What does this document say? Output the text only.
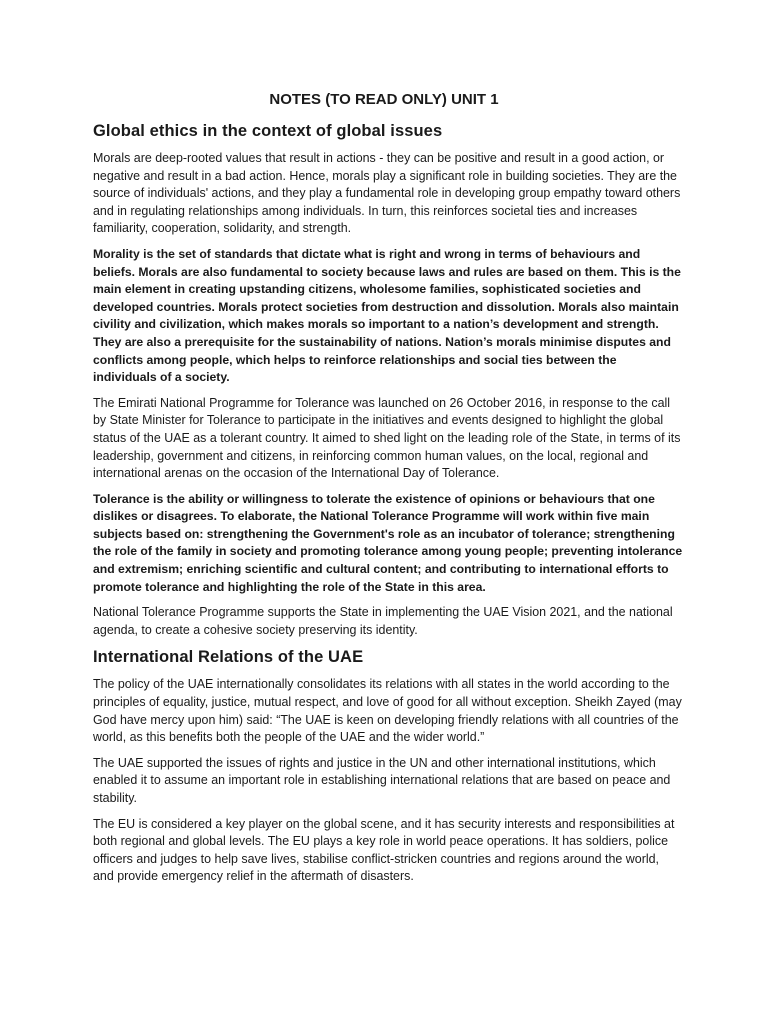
NOTES (TO READ ONLY) UNIT 1
Global ethics in the context of global issues

Morals are deep-rooted values that result in actions - they can be positive and result in a good action, or negative and result in a bad action. Hence, morals play a significant role in building societies. They are the source of individuals' actions, and they play a fundamental role in developing group empathy toward others and in regulating relationships among individuals. In turn, this reinforces societal ties and increases familiarity, cooperation, solidarity, and strength.

Morality is the set of standards that dictate what is right and wrong in terms of behaviours and beliefs. Morals are also fundamental to society because laws and rules are based on them. This is the main element in creating upstanding citizens, wholesome families, sophisticated societies and developed countries. Morals protect societies from destruction and dissolution. Morals also maintain civility and civilization, which makes morals so important to a nation’s development and strength. They are also a prerequisite for the sustainability of nations. Nation’s morals minimise disputes and conflicts among people, which helps to reinforce relationships and social ties between the individuals of a society.

The Emirati National Programme for Tolerance was launched on 26 October 2016, in response to the call by State Minister for Tolerance to participate in the initiatives and events designed to highlight the global status of the UAE as a tolerant country. It aimed to shed light on the leading role of the State, in terms of its leadership, government and citizens, in reinforcing common human values, on the local, regional and international arenas on the occasion of the International Day of Tolerance.

Tolerance is the ability or willingness to tolerate the existence of opinions or behaviours that one dislikes or disagrees. To elaborate, the National Tolerance Programme will work within five main subjects based on: strengthening the Government's role as an incubator of tolerance; strengthening the role of the family in society and promoting tolerance among young people; preventing intolerance and extremism; enriching scientific and cultural content; and contributing to international efforts to promote tolerance and highlighting the role of the State in this area.

National Tolerance Programme supports the State in implementing the UAE Vision 2021, and the national agenda, to create a cohesive society preserving its identity.

International Relations of the UAE

The policy of the UAE internationally consolidates its relations with all states in the world according to the principles of equality, justice, mutual respect, and love of good for all without exception. Sheikh Zayed (may God have mercy upon him) said: “The UAE is keen on developing friendly relations with all countries of the world, as this benefits both the people of the UAE and the wider world.”

The UAE supported the issues of rights and justice in the UN and other international institutions, which enabled it to assume an important role in establishing international relations that are based on peace and stability.

The EU is considered a key player on the global scene, and it has security interests and responsibilities at both regional and global levels. The EU plays a key role in world peace operations. It has soldiers, police officers and judges to help save lives, stabilise conflict-stricken countries and regions around the world, and provide emergency relief in the aftermath of disasters.
